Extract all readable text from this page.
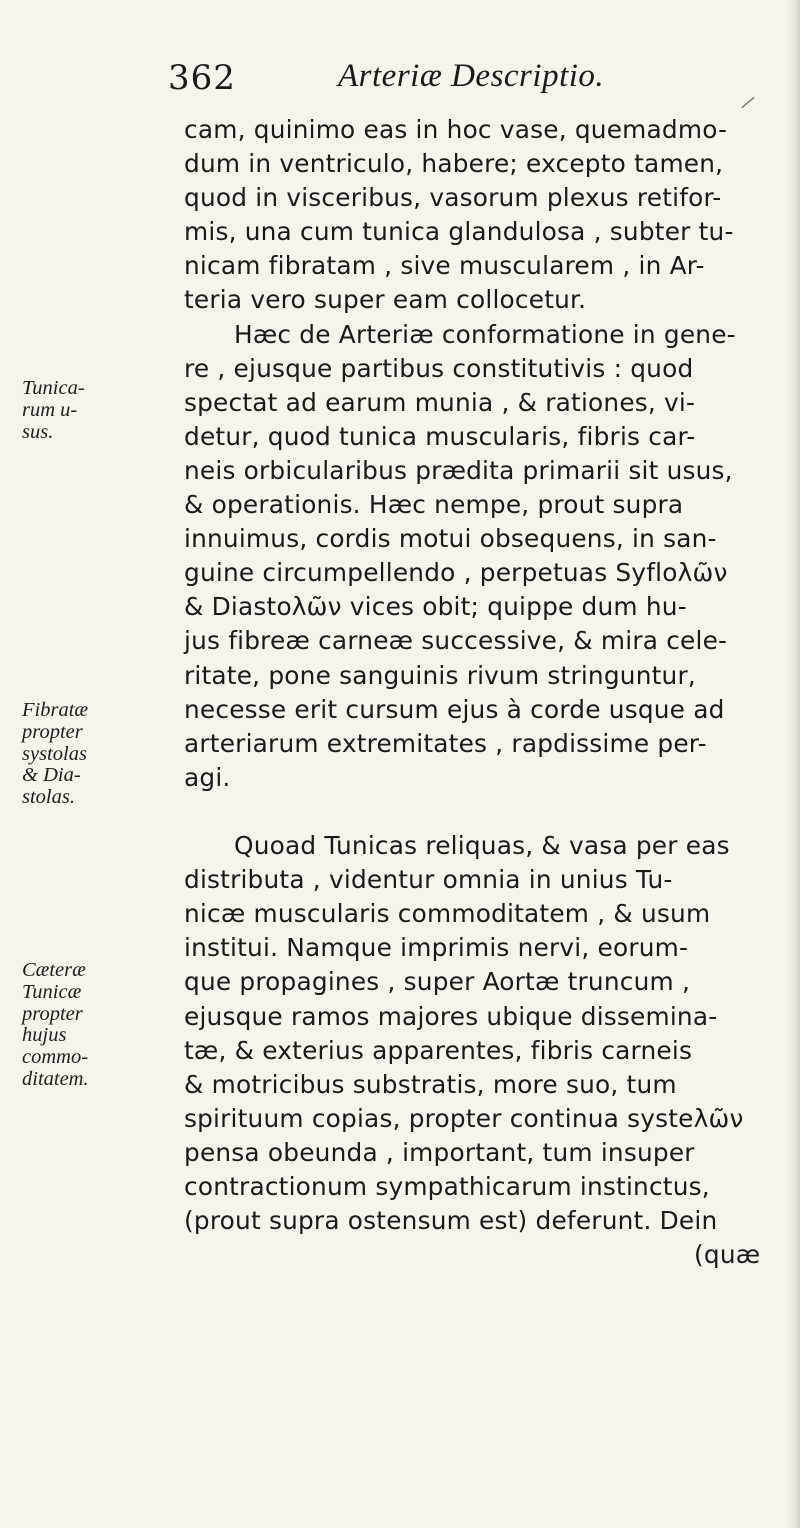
362	Arteriæ Descriptio.
cam, quinimo eas in hoc vase, quemadmo-
dum in ventriculo, habere; excepto tamen,
quod in visceribus, vasorum plexus retifor-
mis, una cum tunica glandulosa , subter tu-
nicam fibratam , sive muscularem , in Ar-
teria vero super eam collocetur.
Hæc de Arteriæ conformatione in gene-
re , ejusque partibus constitutivis : quod
spectat ad earum munia , & rationes, vi-
detur, quod tunica muscularis, fibris car-
neis orbicularibus prædita primarii sit usus,
& operationis. Hæc nempe, prout supra
innuimus, cordis motui obsequens, in san-
guine circumpellendo , perpetuas Syfloλῶν
& Diastoλῶν vices obit; quippe dum hu-
jus fibreæ carneæ successive, & mira cele-
ritate, pone sanguinis rivum stringuntur,
necesse erit cursum ejus à corde usque ad
arteriarum extremitates , rapdissime per-
agi.
Quoad Tunicas reliquas, & vasa per eas
distributa , videntur omnia in unius Tu-
nicæ muscularis commoditatem , & usum
institui. Namque imprimis nervi, eorum-
que propagines , super Aortæ truncum ,
ejusque ramos majores ubique dissemina-
tæ, & exterius apparentes, fibris carneis
& motricibus substratis, more suo, tum
spirituum copias, propter continua systeλῶν
pensa obeunda , important, tum insuper
contractionum sympathicarum instinctus,
(prout supra ostensum est) deferunt. Dein
(quæ
Tunica-
rum u-
sus.
Fibratæ
propter
systolas
& Dia-
stolas.
Cæteræ
Tunicæ
propter
hujus
commo-
ditatem.
